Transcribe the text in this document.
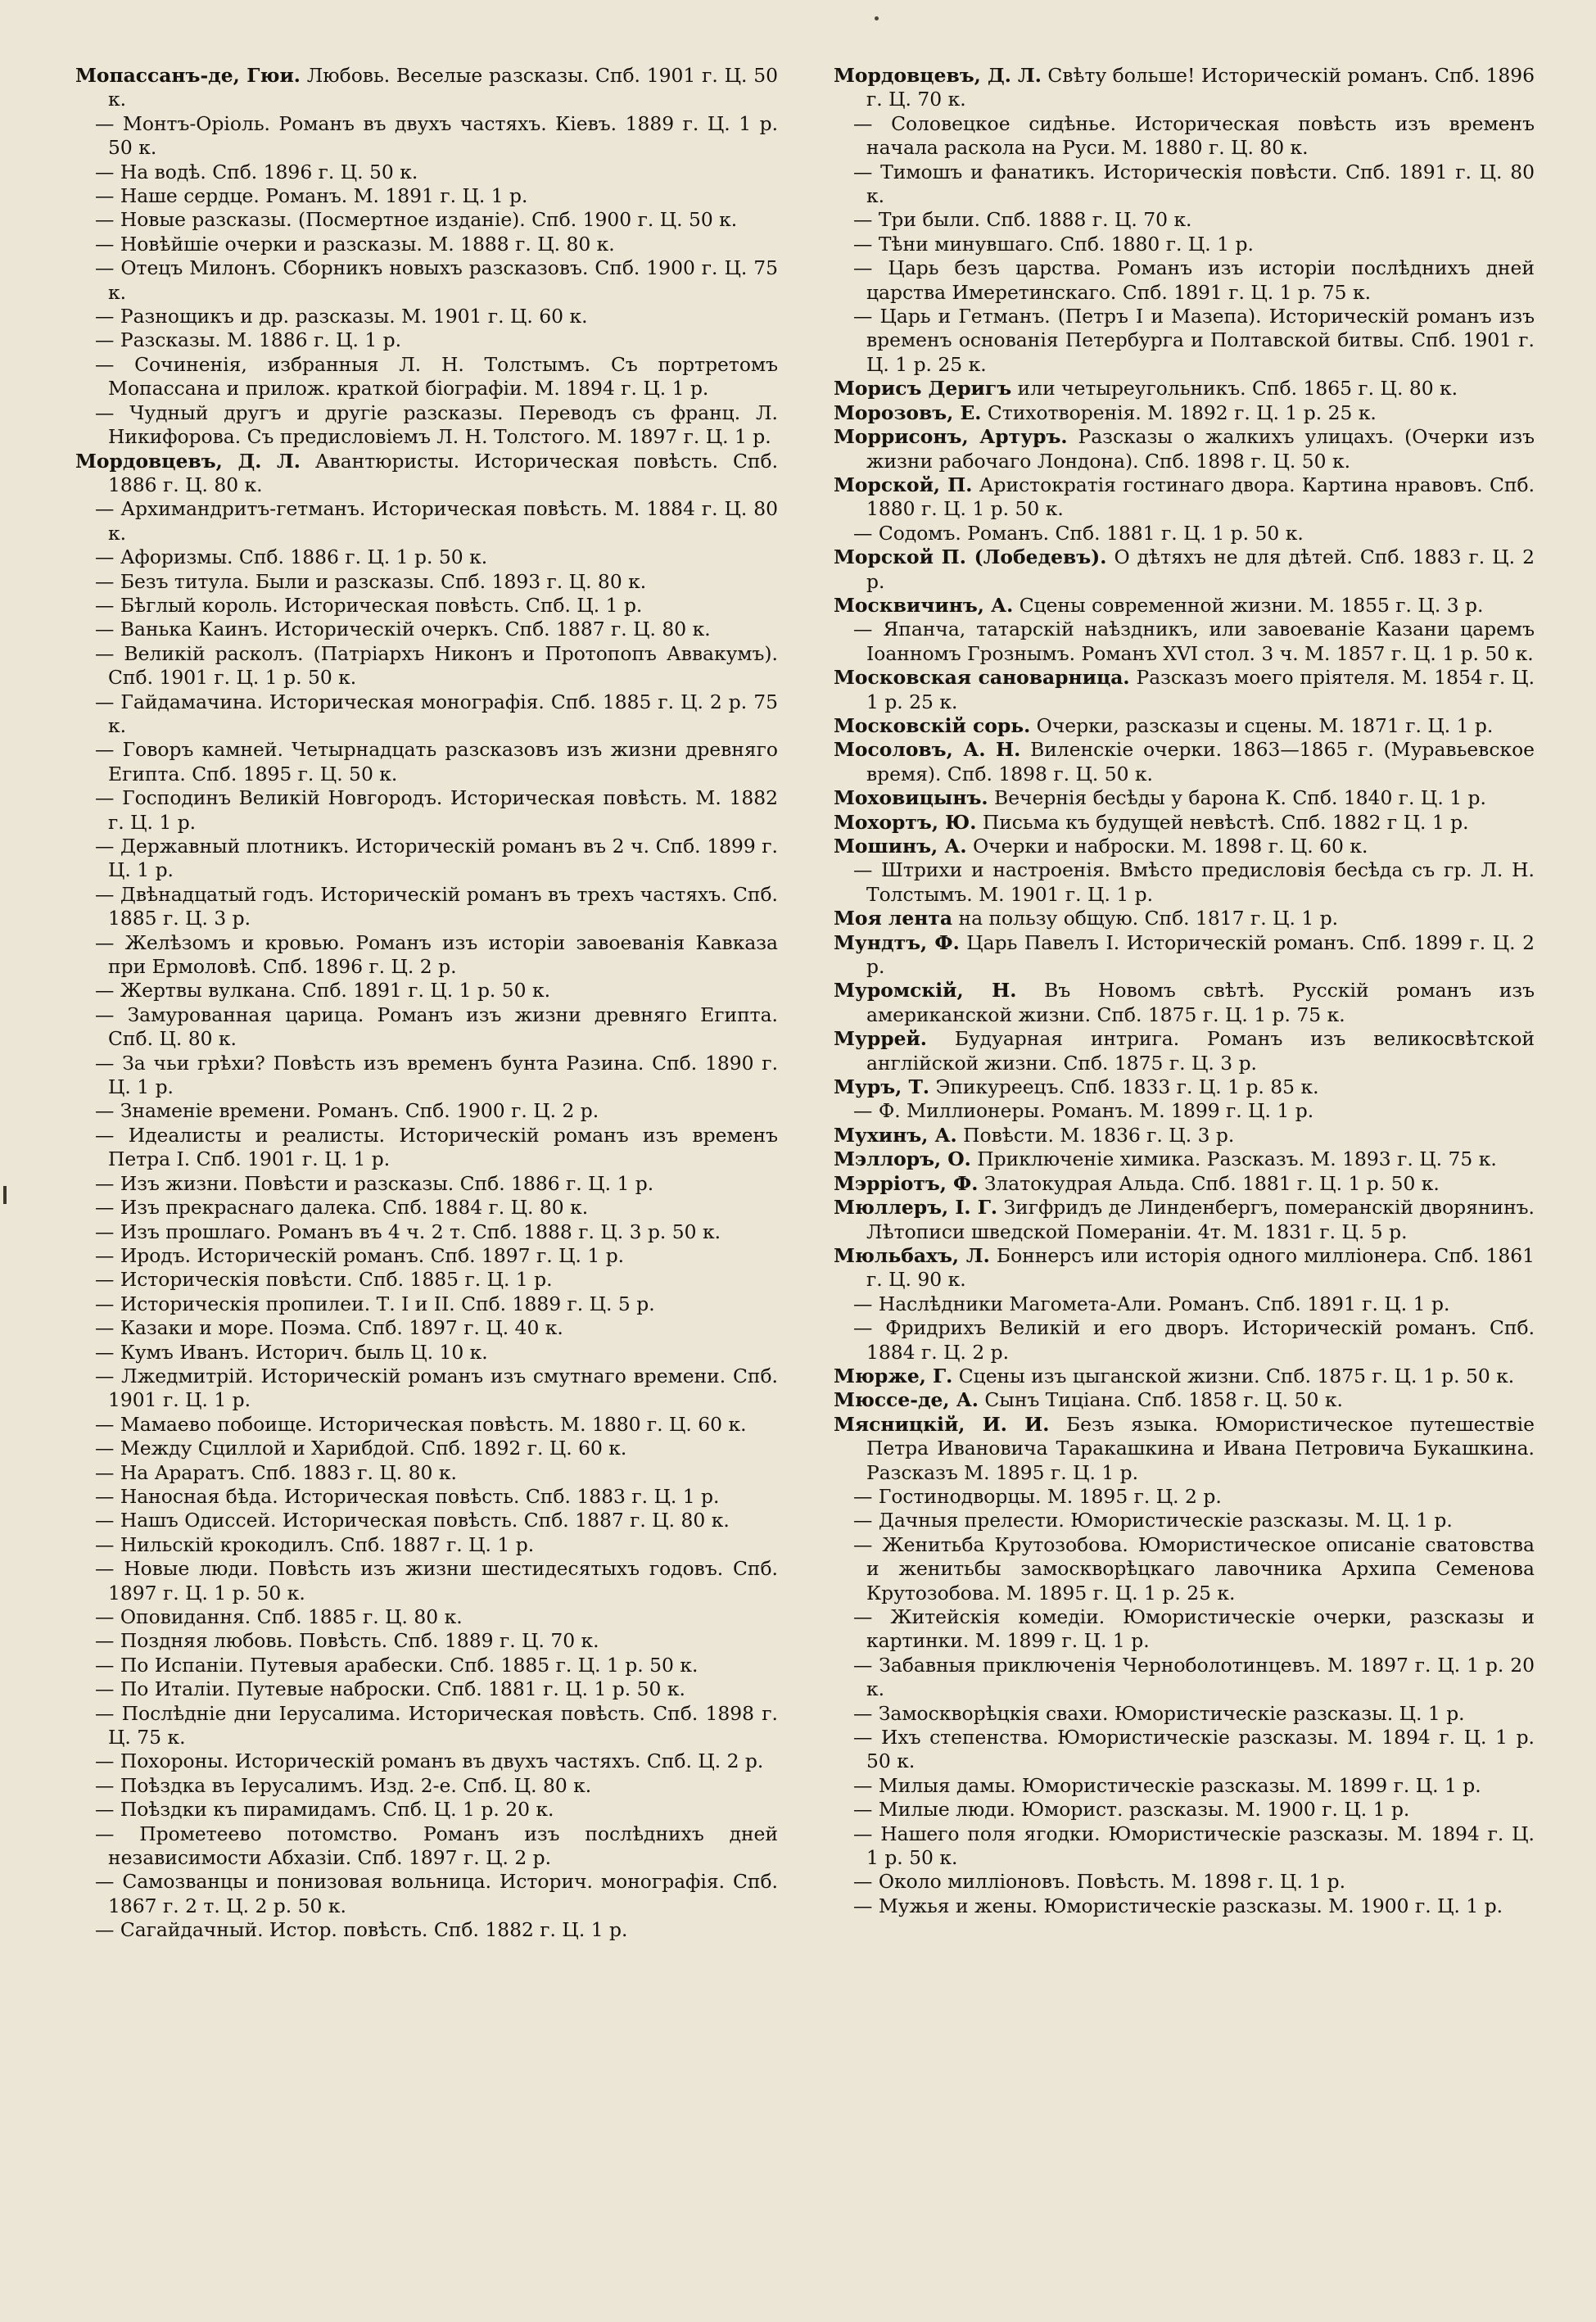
Мопассанъ-де, Гюи. Любовь. Веселые разсказы. Спб. 1901 г. Ц. 50 к.

— Монтъ-Оріоль. Романъ въ двухъ частяхъ. Кіевъ. 1889 г. Ц. 1 р. 50 к.

— На водѣ. Спб. 1896 г. Ц. 50 к.

— Наше сердце. Романъ. М. 1891 г. Ц. 1 р.

— Новые разсказы. (Посмертное изданіе). Спб. 1900 г. Ц. 50 к.

— Новѣйшіе очерки и разсказы. М. 1888 г. Ц. 80 к.

— Отецъ Милонъ. Сборникъ новыхъ разсказовъ. Спб. 1900 г. Ц. 75 к.

— Разнощикъ и др. разсказы. М. 1901 г. Ц. 60 к.

— Разсказы. М. 1886 г. Ц. 1 р.

— Сочиненія, избранныя Л. Н. Толстымъ. Съ портретомъ Мопассана и прилож. краткой біографіи. М. 1894 г. Ц. 1 р.

— Чудный другъ и другіе разсказы. Переводъ съ франц. Л. Никифорова. Съ предисловіемъ Л. Н. Толстого. М. 1897 г. Ц. 1 р.

Мордовцевъ, Д. Л. Авантюристы. Историческая повѣсть. Спб. 1886 г. Ц. 80 к.

— Архимандритъ-гетманъ. Историческая повѣсть. М. 1884 г. Ц. 80 к.

— Афоризмы. Спб. 1886 г. Ц. 1 р. 50 к.

— Безъ титула. Были и разсказы. Спб. 1893 г. Ц. 80 к.

— Бѣглый король. Историческая повѣсть. Спб. Ц. 1 р.

— Ванька Каинъ. Историческій очеркъ. Спб. 1887 г. Ц. 80 к.

— Великій расколъ. (Патріархъ Никонъ и Протопопъ Аввакумъ). Спб. 1901 г. Ц. 1 р. 50 к.

— Гайдамачина. Историческая монографія. Спб. 1885 г. Ц. 2 р. 75 к.

— Говоръ камней. Четырнадцать разсказовъ изъ жизни древняго Египта. Спб. 1895 г. Ц. 50 к.

— Господинъ Великій Новгородъ. Историческая повѣсть. М. 1882 г. Ц. 1 р.

— Державный плотникъ. Историческій романъ въ 2 ч. Спб. 1899 г. Ц. 1 р.

— Двѣнадцатый годъ. Историческій романъ въ трехъ частяхъ. Спб. 1885 г. Ц. 3 р.

— Желѣзомъ и кровью. Романъ изъ исторіи завоеванія Кавказа при Ермоловѣ. Спб. 1896 г. Ц. 2 р.

— Жертвы вулкана. Спб. 1891 г. Ц. 1 р. 50 к.

— Замурованная царица. Романъ изъ жизни древняго Египта. Спб. Ц. 80 к.

— За чьи грѣхи? Повѣсть изъ временъ бунта Разина. Спб. 1890 г. Ц. 1 р.

— Знаменіе времени. Романъ. Спб. 1900 г. Ц. 2 р.

— Идеалисты и реалисты. Историческій романъ изъ временъ Петра I. Спб. 1901 г. Ц. 1 р.

— Изъ жизни. Повѣсти и разсказы. Спб. 1886 г. Ц. 1 р.

— Изъ прекраснаго далека. Спб. 1884 г. Ц. 80 к.

— Изъ прошлаго. Романъ въ 4 ч. 2 т. Спб. 1888 г. Ц. 3 р. 50 к.

— Иродъ. Историческій романъ. Спб. 1897 г. Ц. 1 р.

— Историческія повѣсти. Спб. 1885 г. Ц. 1 р.

— Историческія пропилеи. Т. I и II. Спб. 1889 г. Ц. 5 р.

— Казаки и море. Поэма. Спб. 1897 г. Ц. 40 к.

— Кумъ Иванъ. Историч. быль Ц. 10 к.

— Лжедмитрій. Историческій романъ изъ смутнаго времени. Спб. 1901 г. Ц. 1 р.

— Мамаево побоище. Историческая повѣсть. М. 1880 г. Ц. 60 к.

— Между Сциллой и Харибдой. Спб. 1892 г. Ц. 60 к.

— На Араратъ. Спб. 1883 г. Ц. 80 к.

— Наносная бѣда. Историческая повѣсть. Спб. 1883 г. Ц. 1 р.

— Нашъ Одиссей. Историческая повѣсть. Спб. 1887 г. Ц. 80 к.

— Нильскій крокодилъ. Спб. 1887 г. Ц. 1 р.

— Новые люди. Повѣсть изъ жизни шестидесятыхъ годовъ. Спб. 1897 г. Ц. 1 р. 50 к.

— Оповидання. Спб. 1885 г. Ц. 80 к.

— Поздняя любовь. Повѣсть. Спб. 1889 г. Ц. 70 к.

— По Испаніи. Путевыя арабески. Спб. 1885 г. Ц. 1 р. 50 к.

— По Италіи. Путевые наброски. Спб. 1881 г. Ц. 1 р. 50 к.

— Послѣдніе дни Іерусалима. Историческая повѣсть. Спб. 1898 г. Ц. 75 к.

— Похороны. Историческій романъ въ двухъ частяхъ. Спб. Ц. 2 р.

— Поѣздка въ Іерусалимъ. Изд. 2-е. Спб. Ц. 80 к.

— Поѣздки къ пирамидамъ. Спб. Ц. 1 р. 20 к.

— Прометеево потомство. Романъ изъ послѣднихъ дней независимости Абхазіи. Спб. 1897 г. Ц. 2 р.

— Самозванцы и понизовая вольница. Историч. монографія. Спб. 1867 г. 2 т. Ц. 2 р. 50 к.

— Сагайдачный. Истор. повѣсть. Спб. 1882 г. Ц. 1 р.

Мордовцевъ, Д. Л. Свѣту больше! Историческій романъ. Спб. 1896 г. Ц. 70 к.

— Соловецкое сидѣнье. Историческая повѣсть изъ временъ начала раскола на Руси. М. 1880 г. Ц. 80 к.

— Тимошъ и фанатикъ. Историческія повѣсти. Спб. 1891 г. Ц. 80 к.

— Три были. Спб. 1888 г. Ц. 70 к.

— Тѣни минувшаго. Спб. 1880 г. Ц. 1 р.

— Царь безъ царства. Романъ изъ исторіи послѣднихъ дней царства Имеретинскаго. Спб. 1891 г. Ц. 1 р. 75 к.

— Царь и Гетманъ. (Петръ I и Мазепа). Историческій романъ изъ временъ основанія Петербурга и Полтавской битвы. Спб. 1901 г. Ц. 1 р. 25 к.

Морисъ Деригъ или четыреугольникъ. Спб. 1865 г. Ц. 80 к.

Морозовъ, Е. Стихотворенія. М. 1892 г. Ц. 1 р. 25 к.

Моррисонъ, Артуръ. Разсказы о жалкихъ улицахъ. (Очерки изъ жизни рабочаго Лондона). Спб. 1898 г. Ц. 50 к.

Морской, П. Аристократія гостинаго двора. Картина нравовъ. Спб. 1880 г. Ц. 1 р. 50 к.

— Содомъ. Романъ. Спб. 1881 г. Ц. 1 р. 50 к.

Морской П. (Лобедевъ). О дѣтяхъ не для дѣтей. Спб. 1883 г. Ц. 2 р.

Москвичинъ, А. Сцены современной жизни. М. 1855 г. Ц. 3 р.

— Япанча, татарскій наѣздникъ, или завоеваніе Казани царемъ Іоанномъ Грознымъ. Романъ XVI стол. 3 ч. М. 1857 г. Ц. 1 р. 50 к.

Московская сановарница. Разсказъ моего пріятеля. М. 1854 г. Ц. 1 р. 25 к.

Московскій сорь. Очерки, разсказы и сцены. М. 1871 г. Ц. 1 р.

Мосоловъ, А. Н. Виленскіе очерки. 1863—1865 г. (Муравьевское время). Спб. 1898 г. Ц. 50 к.

Моховицынъ. Вечернія бесѣды у барона К. Спб. 1840 г. Ц. 1 р.

Мохортъ, Ю. Письма къ будущей невѣстѣ. Спб. 1882 г Ц. 1 р.

Мошинъ, А. Очерки и наброски. М. 1898 г. Ц. 60 к.

— Штрихи и настроенія. Вмѣсто предисловія бесѣда съ гр. Л. Н. Толстымъ. М. 1901 г. Ц. 1 р.

Моя лента на пользу общую. Спб. 1817 г. Ц. 1 р.

Мундтъ, Ф. Царь Павелъ I. Историческій романъ. Спб. 1899 г. Ц. 2 р.

Муромскій, Н. Въ Новомъ свѣтѣ. Русскій романъ изъ американской жизни. Спб. 1875 г. Ц. 1 р. 75 к.

Муррей. Будуарная интрига. Романъ изъ великосвѣтской англійской жизни. Спб. 1875 г. Ц. 3 р.

Муръ, Т. Эпикуреецъ. Спб. 1833 г. Ц. 1 р. 85 к.

— Ф. Миллионеры. Романъ. М. 1899 г. Ц. 1 р.

Мухинъ, А. Повѣсти. М. 1836 г. Ц. 3 р.

Мэллоръ, О. Приключеніе химика. Разсказъ. М. 1893 г. Ц. 75 к.

Мэрріотъ, Ф. Златокудрая Альда. Спб. 1881 г. Ц. 1 р. 50 к.

Мюллеръ, I. Г. Зигфридъ де Линденбергъ, померанскій дворянинъ. Лѣтописи шведской Помераніи. 4т. М. 1831 г. Ц. 5 р.

Мюльбахъ, Л. Боннерсъ или исторія одного милліонера. Спб. 1861 г. Ц. 90 к.

— Наслѣдники Магомета-Али. Романъ. Спб. 1891 г. Ц. 1 р.

— Фридрихъ Великій и его дворъ. Историческій романъ. Спб. 1884 г. Ц. 2 р.

Мюржe, Г. Сцены изъ цыганской жизни. Спб. 1875 г. Ц. 1 р. 50 к.

Мюссе-де, А. Сынъ Тиціана. Спб. 1858 г. Ц. 50 к.

Мясницкій, И. И. Безъ языка. Юмористическое путешествіе Петра Ивановича Таракашкина и Ивана Петровича Букашкина. Разсказъ М. 1895 г. Ц. 1 р.

— Гостинодворцы. М. 1895 г. Ц. 2 р.

— Дачныя прелести. Юмористическіе разсказы. М. Ц. 1 р.

— Женитьба Крутозобова. Юмористическое описаніе сватовства и женитьбы замоскворѣцкаго лавочника Архипа Семенова Крутозобова. М. 1895 г. Ц. 1 р. 25 к.

— Житейскія комедіи. Юмористическіе очерки, разсказы и картинки. М. 1899 г. Ц. 1 р.

— Забавныя приключенія Черноболотинцевъ. М. 1897 г. Ц. 1 р. 20 к.

— Замоскворѣцкія свахи. Юмористическіе разсказы. Ц. 1 р.

— Ихъ степенства. Юмористическіе разсказы. М. 1894 г. Ц. 1 р. 50 к.

— Милыя дамы. Юмористическіе разсказы. М. 1899 г. Ц. 1 р.

— Милые люди. Юморист. разсказы. М. 1900 г. Ц. 1 р.

— Нашего поля ягодки. Юмористическіе разсказы. М. 1894 г. Ц. 1 р. 50 к.

— Около милліоновъ. Повѣсть. М. 1898 г. Ц. 1 р.

— Мужья и жены. Юмористическіе разсказы. М. 1900 г. Ц. 1 р.
